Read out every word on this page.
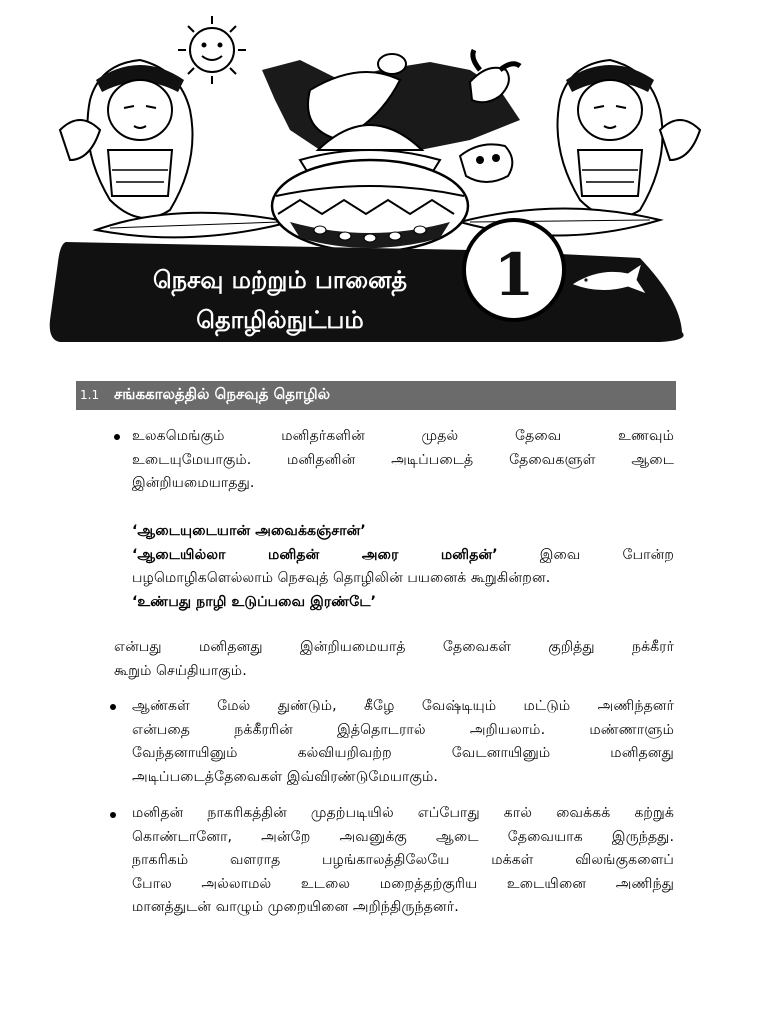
நெசவு மற்றும் பானைத்
தொழில்நுட்பம்
1
1.1 சங்ககாலத்தில் நெசவுத் தொழில்
உலகமெங்கும் மனிதர்களின் முதல் தேவை உணவும்
உடையுமேயாகும். மனிதனின் அடிப்படைத் தேவைகளுள் ஆடை
இன்றியமையாதது.
‘ஆடையுடையான் அவைக்கஞ்சான்’
‘ஆடையில்லா மனிதன் அரை மனிதன்’ இவை போன்ற
பழமொழிகளெல்லாம் நெசவுத் தொழிலின் பயனைக் கூறுகின்றன.
‘உண்பது நாழி உடுப்பவை இரண்டே’
என்பது மனிதனது இன்றியமையாத் தேவைகள் குறித்து நக்கீரர்
கூறும் செய்தியாகும்.
ஆண்கள் மேல் துண்டும், கீழே வேஷ்டியும் மட்டும் அணிந்தனர்
என்பதை நக்கீரரின் இத்தொடரால் அறியலாம். மண்ணாளும்
வேந்தனாயினும் கல்வியறிவற்ற வேடனாயினும் மனிதனது
அடிப்படைத்தேவைகள் இவ்விரண்டுமேயாகும்.
மனிதன் நாகரிகத்தின் முதற்படியில் எப்போது கால் வைக்கக் கற்றுக்
கொண்டானோ, அன்றே அவனுக்கு ஆடை தேவையாக இருந்தது.
நாகரிகம் வளராத பழங்காலத்திலேயே மக்கள் விலங்குகளைப்
போல அல்லாமல் உடலை மறைத்தற்குரிய உடையினை அணிந்து
மானத்துடன் வாழும் முறையினை அறிந்திருந்தனர்.
